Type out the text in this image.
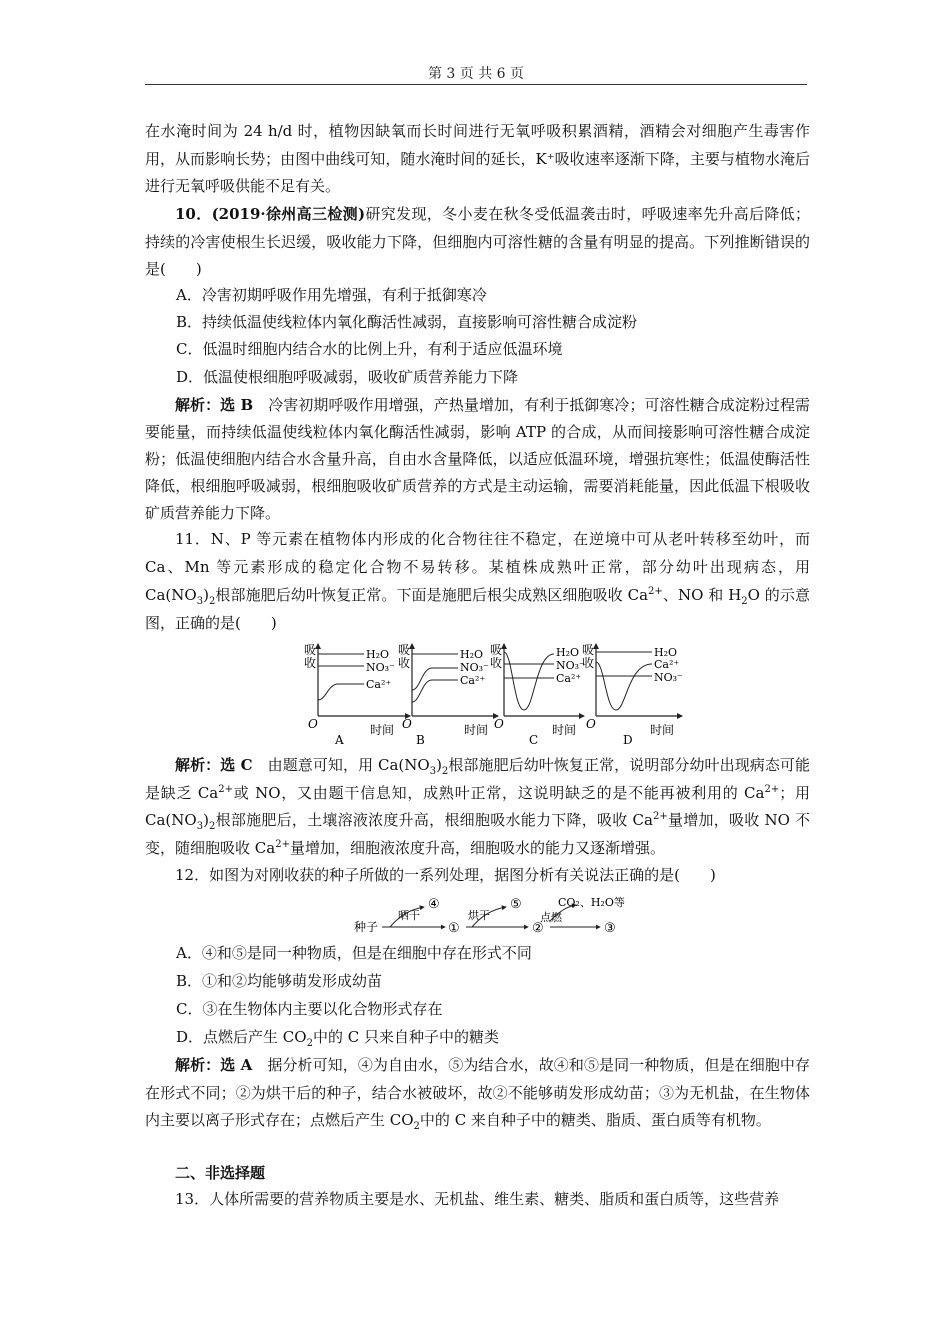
第 3 页 共 6 页
在水淹时间为 24 h/d 时，植物因缺氧而长时间进行无氧呼吸积累酒精，酒精会对细胞产生毒害作用，从而影响长势；由图中曲线可知，随水淹时间的延长，K⁺吸收速率逐渐下降，主要与植物水淹后进行无氧呼吸供能不足有关。
10．(2019·徐州高三检测)研究发现，冬小麦在秋冬受低温袭击时，呼吸速率先升高后降低；持续的冷害使根生长迟缓，吸收能力下降，但细胞内可溶性糖的含量有明显的提高。下列推断错误的是(　　)
A．冷害初期呼吸作用先增强，有利于抵御寒冷
B．持续低温使线粒体内氧化酶活性减弱，直接影响可溶性糖合成淀粉
C．低温时细胞内结合水的比例上升，有利于适应低温环境
D．低温使根细胞呼吸减弱，吸收矿质营养能力下降
解析：选 B　 冷害初期呼吸作用增强，产热量增加，有利于抵御寒冷；可溶性糖合成淀粉过程需要能量，而持续低温使线粒体内氧化酶活性减弱，影响 ATP 的合成，从而间接影响可溶性糖合成淀粉；低温使细胞内结合水含量升高，自由水含量降低，以适应低温环境，增强抗寒性；低温使酶活性降低，根细胞呼吸减弱，根细胞吸收矿质营养的方式是主动运输，需要消耗能量，因此低温下根吸收矿质营养能力下降。
11．N、P 等元素在植物体内形成的化合物往往不稳定，在逆境中可从老叶转移至幼叶，而 Ca、Mn 等元素形成的稳定化合物不易转移。某植株成熟叶正常，部分幼叶出现病态，用 $Ca(NO_3)_2$根部施肥后幼叶恢复正常。下面是施肥后根尖成熟区细胞吸收 $Ca^{2+}$、NO 和 $H_2O$ 的示意图，正确的是(　　)
吸
收
O	时间
A
H₂O
NO₃⁻
Ca²⁺
吸
收
O	时间
B
H₂O
NO₃⁻
Ca²⁺
吸
收
O	时间
C
H₂O
NO₃⁻
Ca²⁺
吸
收
O	时间
D
H₂O
Ca²⁺
NO₃⁻
解析：选 C　 由题意可知，用 $Ca(NO_3)_2$根部施肥后幼叶恢复正常，说明部分幼叶出现病态可能是缺乏 $Ca^{2+}$或 NO，又由题干信息知，成熟叶正常，这说明缺乏的是不能再被利用的 $Ca^{2+}$；用 $Ca(NO_3)_2$根部施肥后，土壤溶液浓度升高，根细胞吸水能力下降，吸收 $Ca^{2+}$量增加，吸收 NO 不变，随细胞吸收 $Ca^{2+}$量增加，细胞液浓度升高，细胞吸水的能力又逐渐增强。
12．如图为对刚收获的种子所做的一系列处理，据图分析有关说法正确的是(　　)
种子
晒干
④
①
烘干
⑤
②
点燃
CO₂、H₂O等
③
A．④和⑤是同一种物质，但是在细胞中存在形式不同
B．①和②均能够萌发形成幼苗
C．③在生物体内主要以化合物形式存在
D．点燃后产生 $CO_2$中的 C 只来自种子中的糖类
解析：选 A　 据分析可知，④为自由水，⑤为结合水，故④和⑤是同一种物质，但是在细胞中存在形式不同；②为烘干后的种子，结合水被破坏，故②不能够萌发形成幼苗；③为无机盐，在生物体内主要以离子形式存在；点燃后产生 $CO_2$中的 C 来自种子中的糖类、脂质、蛋白质等有机物。
二、非选择题
13．人体所需要的营养物质主要是水、无机盐、维生素、糖类、脂质和蛋白质等，这些营养
